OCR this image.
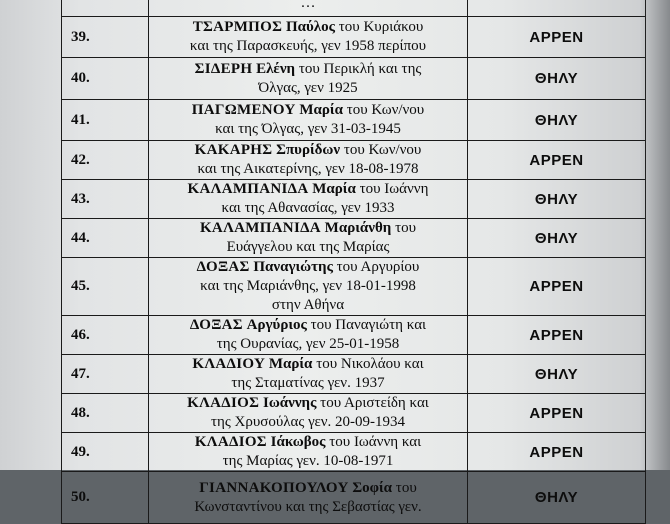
	…	
39.	ΤΣΑΡΜΠΟΣ Παύλος του Κυριάκου
και της Παρασκευής, γεν 1958 περίπου	ΑΡΡΕΝ
40.	ΣΙΔΕΡΗ Ελένη του Περικλή και της
Όλγας, γεν 1925	ΘΗΛΥ
41.	ΠΑΓΩΜΕΝΟΥ Μαρία του Κων/νου
και της Όλγας, γεν 31-03-1945	ΘΗΛΥ
42.	ΚΑΚΑΡΗΣ Σπυρίδων του Κων/νου
και της Αικατερίνης, γεν 18-08-1978	ΑΡΡΕΝ
43.	ΚΑΛΑΜΠΑΝΙΔΑ Μαρία του Ιωάννη
και της Αθανασίας, γεν 1933	ΘΗΛΥ
44.	ΚΑΛΑΜΠΑΝΙΔΑ Μαριάνθη του
Ευάγγελου και της Μαρίας	ΘΗΛΥ
45.	ΔΟΞΑΣ Παναγιώτης του Αργυρίου
και της Μαριάνθης, γεν 18-01-1998
στην Αθήνα	ΑΡΡΕΝ
46.	ΔΟΞΑΣ Αργύριος του Παναγιώτη και
της Ουρανίας, γεν 25-01-1958	ΑΡΡΕΝ
47.	ΚΛΑΔΙΟΥ Μαρία του Νικολάου και
της Σταματίνας γεν. 1937	ΘΗΛΥ
48.	ΚΛΑΔΙΟΣ Ιωάννης του Αριστείδη και
της Χρυσούλας γεν. 20-09-1934	ΑΡΡΕΝ
49.	ΚΛΑΔΙΟΣ Ιάκωβος του Ιωάννη και
της Μαρίας γεν. 10-08-1971	ΑΡΡΕΝ
50.	ΓΙΑΝΝΑΚΟΠΟΥΛΟΥ Σοφία του
Κωνσταντίνου και της Σεβαστίας γεν.	ΘΗΛΥ
